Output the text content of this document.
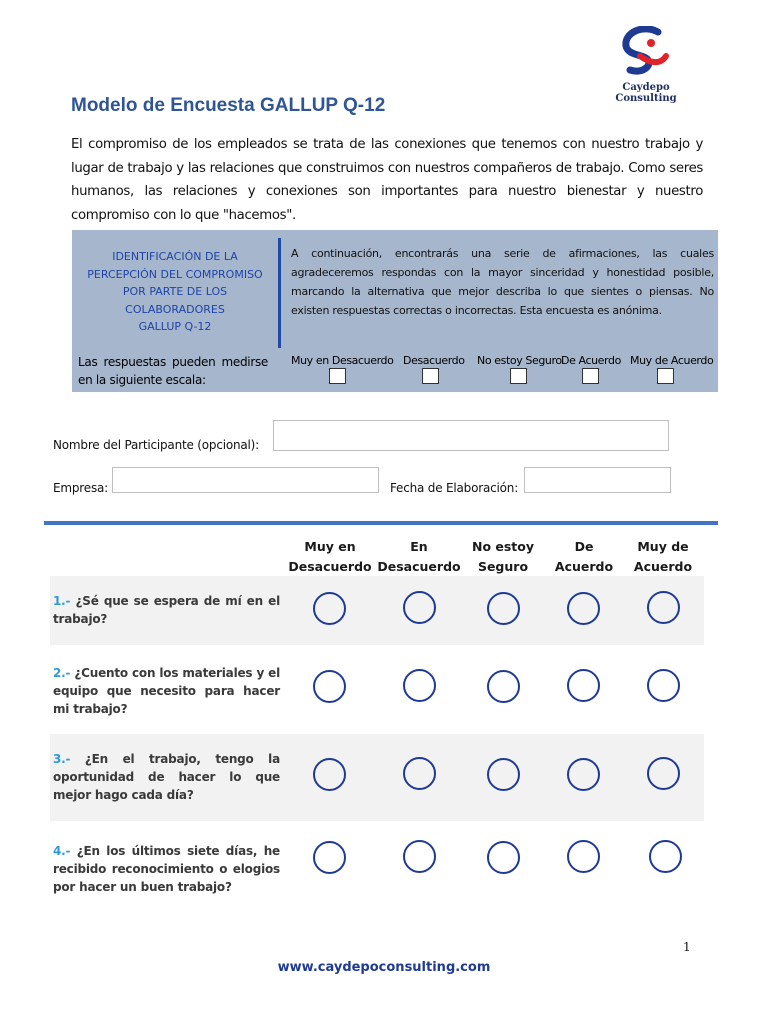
Caydepo Consulting
Modelo de Encuesta GALLUP Q-12

El compromiso de los empleados se trata de las conexiones que tenemos con nuestro trabajo y lugar de trabajo y las relaciones que construimos con nuestros compañeros de trabajo. Como seres humanos, las relaciones y conexiones son importantes para nuestro bienestar y nuestro compromiso con lo que "hacemos".

IDENTIFICACIÓN DE LA
PERCEPCIÓN DEL COMPROMISO
POR PARTE DE LOS
COLABORADORES
GALLUP Q-12

A continuación, encontrarás una serie de afirmaciones, las cuales agradeceremos respondas con la mayor sinceridad y honestidad posible, marcando la alternativa que mejor describa lo que sientes o piensas. No existen respuestas correctas o incorrectas. Esta encuesta es anónima.

Las respuestas pueden medirse en la siguiente escala:
Muy en Desacuerdo Desacuerdo No estoy Seguro De Acuerdo Muy de Acuerdo
Nombre del Participante (opcional):
Empresa:	Fecha de Elaboración:
Muy en
Desacuerdo
En
Desacuerdo
No estoy
Seguro
De
Acuerdo
Muy de
Acuerdo
1.- ¿Sé que se espera de mí en el trabajo?
2.- ¿Cuento con los materiales y el equipo que necesito para hacer mi trabajo?
3.- ¿En el trabajo, tengo la oportunidad de hacer lo que mejor hago cada día?
4.- ¿En los últimos siete días, he recibido reconocimiento o elogios por hacer un buen trabajo?
1
www.caydepoconsulting.com
